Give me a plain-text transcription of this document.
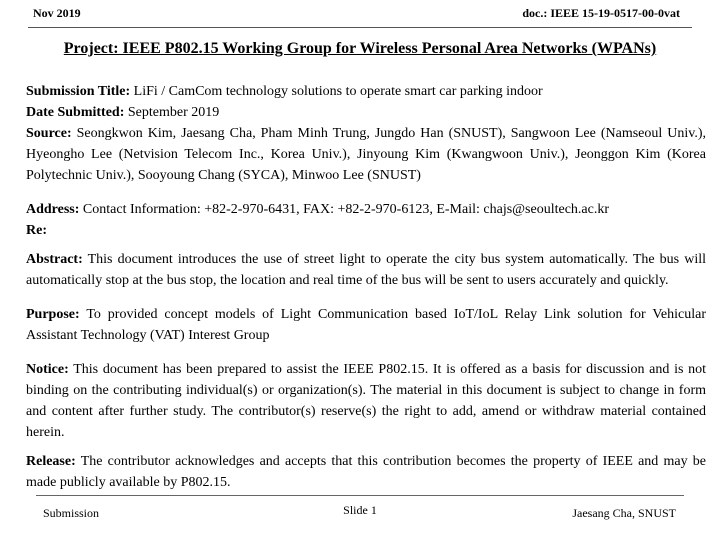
Nov 2019	doc.: IEEE 15-19-0517-00-0vat
Project: IEEE P802.15 Working Group for Wireless Personal Area Networks (WPANs)

Submission Title: LiFi / CamCom technology solutions to operate smart car parking indoor

Date Submitted: September 2019

Source: Seongkwon Kim, Jaesang Cha, Pham Minh Trung, Jungdo Han (SNUST), Sangwoon Lee (Namseoul Univ.), Hyeongho Lee (Netvision Telecom Inc., Korea Univ.), Jinyoung Kim (Kwangwoon Univ.), Jeonggon Kim (Korea Polytechnic Univ.), Sooyoung Chang (SYCA), Minwoo Lee (SNUST)

Address: Contact Information: +82-2-970-6431, FAX: +82-2-970-6123, E-Mail: chajs@seoultech.ac.kr

Re:

Abstract: This document introduces the use of street light to operate the city bus system automatically. The bus will automatically stop at the bus stop, the location and real time of the bus will be sent to users accurately and quickly.

Purpose: To provided concept models of Light Communication based IoT/IoL Relay Link solution for Vehicular Assistant Technology (VAT) Interest Group

Notice: This document has been prepared to assist the IEEE P802.15. It is offered as a basis for discussion and is not binding on the contributing individual(s) or organization(s). The material in this document is subject to change in form and content after further study. The contributor(s) reserve(s) the right to add, amend or withdraw material contained herein.

Release: The contributor acknowledges and accepts that this contribution becomes the property of IEEE and may be made publicly available by P802.15.

Submission	Slide 1	Jaesang Cha, SNUST
